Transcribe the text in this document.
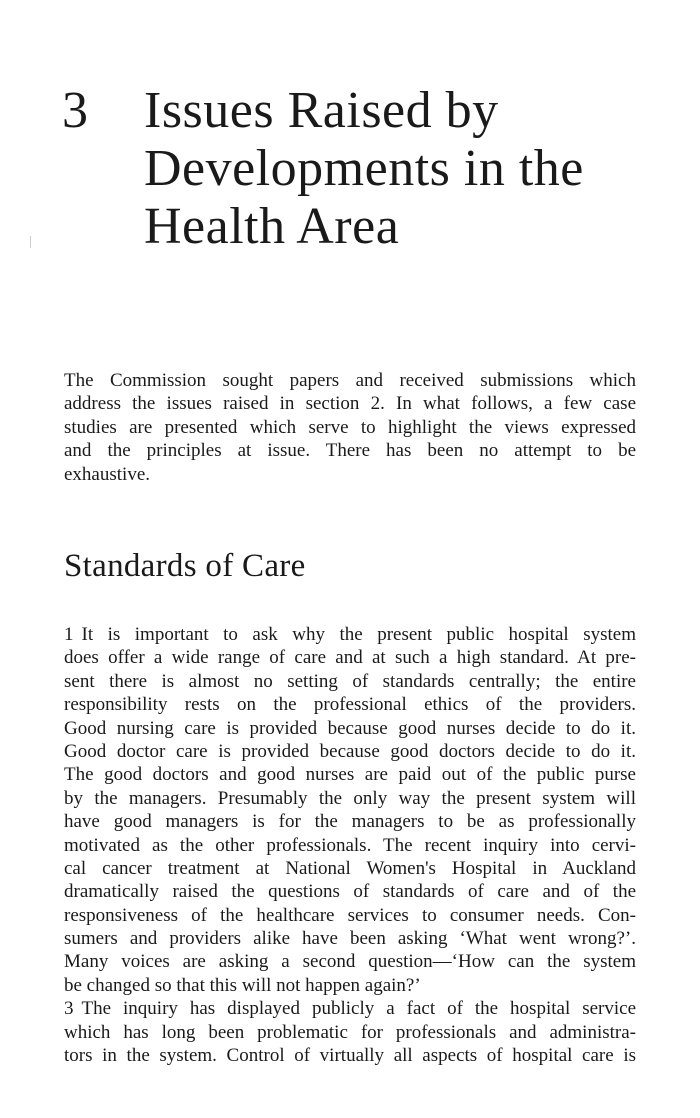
3 Issues Raised by
Developments in the
Health Area
The Commission sought papers and received submissions which
address the issues raised in section 2. In what follows, a few case
studies are presented which serve to highlight the views expressed
and the principles at issue. There has been no attempt to be
exhaustive.
Standards of Care
1 It is important to ask why the present public hospital system
does offer a wide range of care and at such a high standard. At pre-
sent there is almost no setting of standards centrally; the entire
responsibility rests on the professional ethics of the providers.
Good nursing care is provided because good nurses decide to do it.
Good doctor care is provided because good doctors decide to do it.
The good doctors and good nurses are paid out of the public purse
by the managers. Presumably the only way the present system will
have good managers is for the managers to be as professionally
motivated as the other professionals. The recent inquiry into cervi-
cal cancer treatment at National Women's Hospital in Auckland
dramatically raised the questions of standards of care and of the
responsiveness of the healthcare services to consumer needs. Con-
sumers and providers alike have been asking ‘What went wrong?’.
Many voices are asking a second question—‘How can the system
be changed so that this will not happen again?’
3 The inquiry has displayed publicly a fact of the hospital service
which has long been problematic for professionals and administra-
tors in the system. Control of virtually all aspects of hospital care is
